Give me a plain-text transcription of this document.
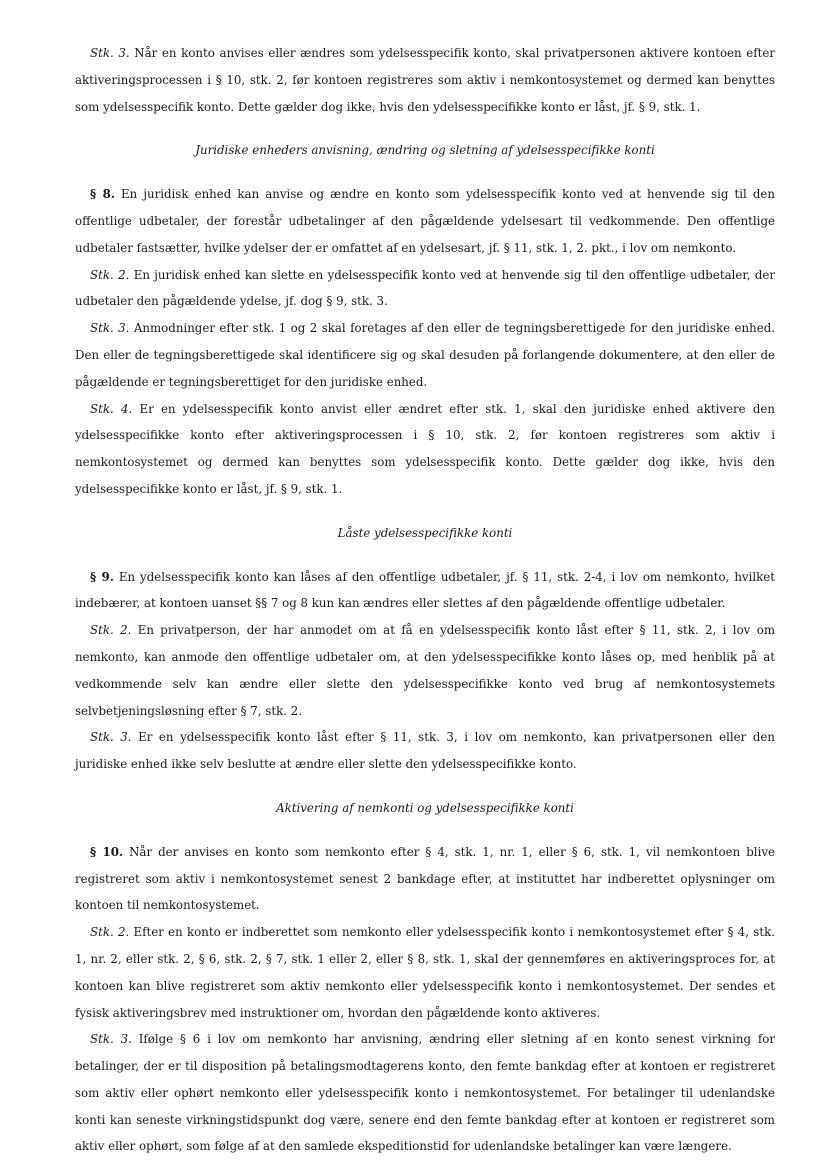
Stk. 3. Når en konto anvises eller ændres som ydelsesspecifik konto, skal privatpersonen aktivere kontoen efter aktiveringsprocessen i § 10, stk. 2, før kontoen registreres som aktiv i nemkontosystemet og dermed kan benyttes som ydelsesspecifik konto. Dette gælder dog ikke, hvis den ydelsesspecifikke konto er låst, jf. § 9, stk. 1.

Juridiske enheders anvisning, ændring og sletning af ydelsesspecifikke konti

§ 8. En juridisk enhed kan anvise og ændre en konto som ydelsesspecifik konto ved at henvende sig til den offentlige udbetaler, der forestår udbetalinger af den pågældende ydelsesart til vedkommende. Den offentlige udbetaler fastsætter, hvilke ydelser der er omfattet af en ydelsesart, jf. § 11, stk. 1, 2. pkt., i lov om nemkonto.

Stk. 2. En juridisk enhed kan slette en ydelsesspecifik konto ved at henvende sig til den offentlige udbetaler, der udbetaler den pågældende ydelse, jf. dog § 9, stk. 3.

Stk. 3. Anmodninger efter stk. 1 og 2 skal foretages af den eller de tegningsberettigede for den juridiske enhed. Den eller de tegningsberettigede skal identificere sig og skal desuden på forlangende dokumentere, at den eller de pågældende er tegningsberettiget for den juridiske enhed.

Stk. 4. Er en ydelsesspecifik konto anvist eller ændret efter stk. 1, skal den juridiske enhed aktivere den ydelsesspecifikke konto efter aktiveringsprocessen i § 10, stk. 2, før kontoen registreres som aktiv i nemkontosystemet og dermed kan benyttes som ydelsesspecifik konto. Dette gælder dog ikke, hvis den ydelsesspecifikke konto er låst, jf. § 9, stk. 1.

Låste ydelsesspecifikke konti

§ 9. En ydelsesspecifik konto kan låses af den offentlige udbetaler, jf. § 11, stk. 2-4, i lov om nemkonto, hvilket indebærer, at kontoen uanset §§ 7 og 8 kun kan ændres eller slettes af den pågældende offentlige udbetaler.

Stk. 2. En privatperson, der har anmodet om at få en ydelsesspecifik konto låst efter § 11, stk. 2, i lov om nemkonto, kan anmode den offentlige udbetaler om, at den ydelsesspecifikke konto låses op, med henblik på at vedkommende selv kan ændre eller slette den ydelsesspecifikke konto ved brug af nemkontosystemets selvbetjeningsløsning efter § 7, stk. 2.

Stk. 3. Er en ydelsesspecifik konto låst efter § 11, stk. 3, i lov om nemkonto, kan privatpersonen eller den juridiske enhed ikke selv beslutte at ændre eller slette den ydelsesspecifikke konto.

Aktivering af nemkonti og ydelsesspecifikke konti

§ 10. Når der anvises en konto som nemkonto efter § 4, stk. 1, nr. 1, eller § 6, stk. 1, vil nemkontoen blive registreret som aktiv i nemkontosystemet senest 2 bankdage efter, at instituttet har indberettet oplysninger om kontoen til nemkontosystemet.

Stk. 2. Efter en konto er indberettet som nemkonto eller ydelsesspecifik konto i nemkontosystemet efter § 4, stk. 1, nr. 2, eller stk. 2, § 6, stk. 2, § 7, stk. 1 eller 2, eller § 8, stk. 1, skal der gennemføres en aktiveringsproces for, at kontoen kan blive registreret som aktiv nemkonto eller ydelsesspecifik konto i nemkontosystemet. Der sendes et fysisk aktiveringsbrev med instruktioner om, hvordan den pågældende konto aktiveres.

Stk. 3. Ifølge § 6 i lov om nemkonto har anvisning, ændring eller sletning af en konto senest virkning for betalinger, der er til disposition på betalingsmodtagerens konto, den femte bankdag efter at kontoen er registreret som aktiv eller ophørt nemkonto eller ydelsesspecifik konto i nemkontosystemet. For betalinger til udenlandske konti kan seneste virkningstidspunkt dog være, senere end den femte bankdag efter at kontoen er registreret som aktiv eller ophørt, som følge af at den samlede ekspeditionstid for udenlandske betalinger kan være længere.
